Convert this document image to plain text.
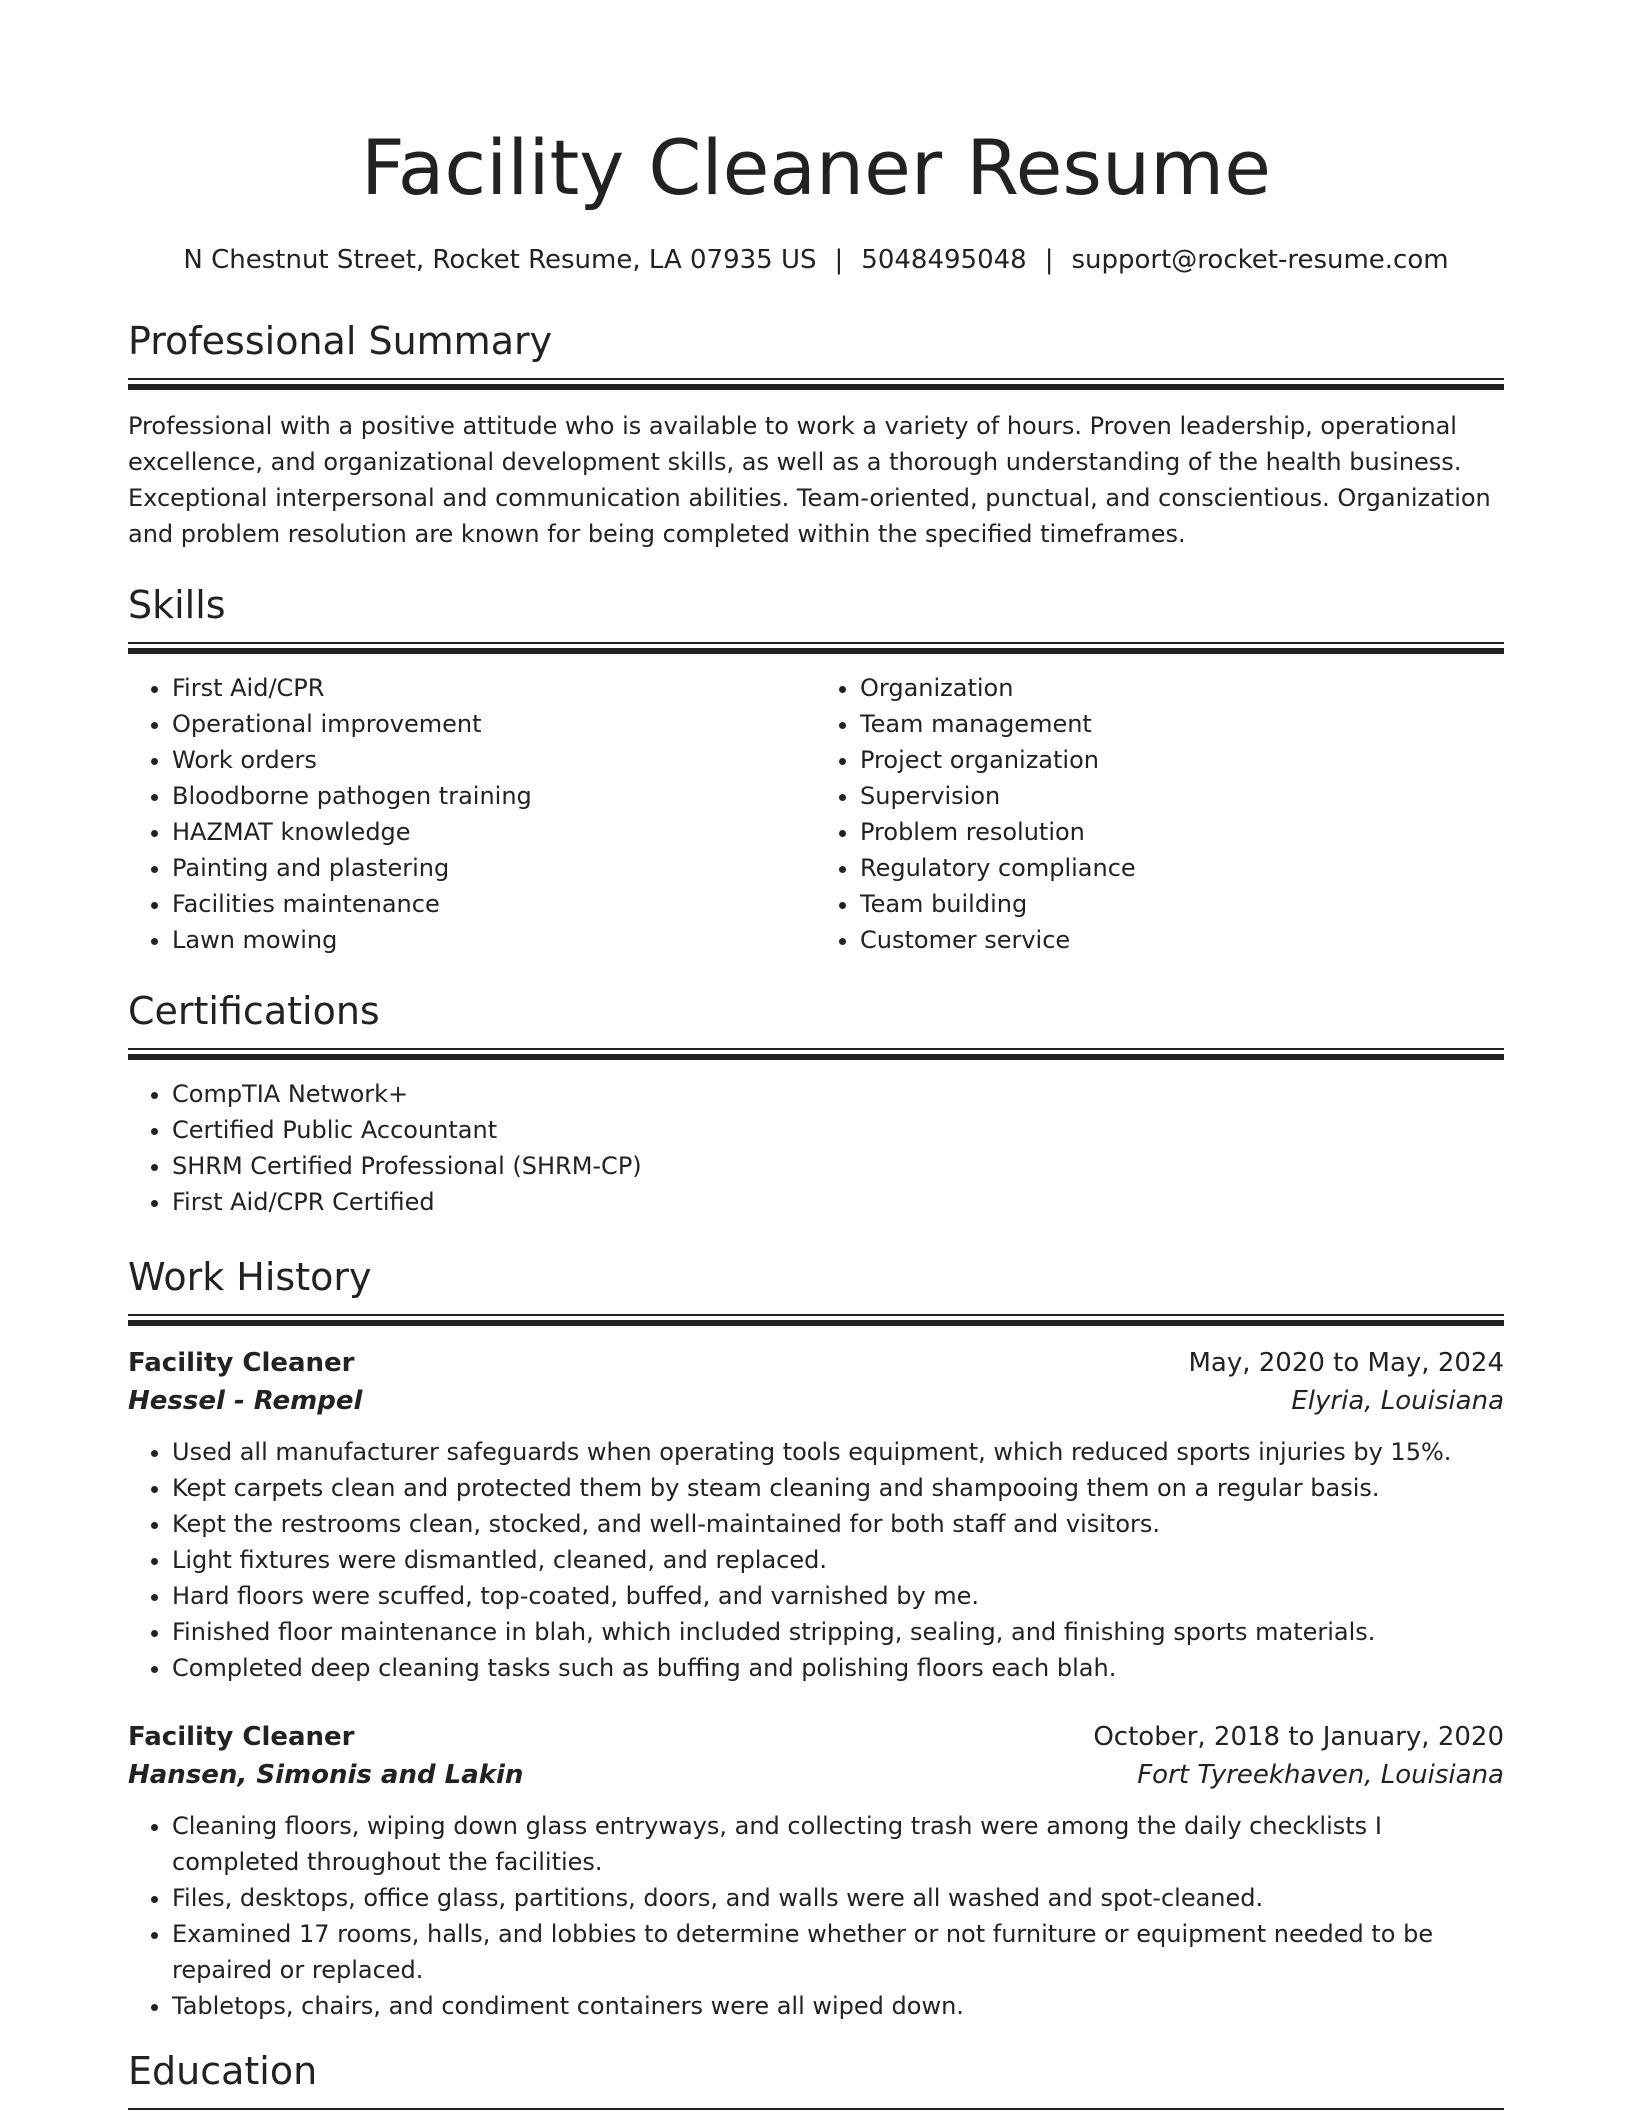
Facility Cleaner Resume
N Chestnut Street, Rocket Resume, LA 07935 US | 5048495048 | support@rocket-resume.com
Professional Summary

Professional with a positive attitude who is available to work a variety of hours. Proven leadership, operational excellence, and organizational development skills, as well as a thorough understanding of the health business. Exceptional interpersonal and communication abilities. Team-oriented, punctual, and conscientious. Organization and problem resolution are known for being completed within the specified timeframes.

Skills
• First Aid/CPR
• Operational improvement
• Work orders
• Bloodborne pathogen training
• HAZMAT knowledge
• Painting and plastering
• Facilities maintenance
• Lawn mowing
• Organization
• Team management
• Project organization
• Supervision
• Problem resolution
• Regulatory compliance
• Team building
• Customer service
Certifications
• CompTIA Network+
• Certified Public Accountant
• SHRM Certified Professional (SHRM-CP)
• First Aid/CPR Certified
Work History
Facility Cleaner	May, 2020 to May, 2024
Hessel - Rempel	Elyria, Louisiana
• Used all manufacturer safeguards when operating tools equipment, which reduced sports injuries by 15%.
• Kept carpets clean and protected them by steam cleaning and shampooing them on a regular basis.
• Kept the restrooms clean, stocked, and well-maintained for both staff and visitors.
• Light fixtures were dismantled, cleaned, and replaced.
• Hard floors were scuffed, top-coated, buffed, and varnished by me.
• Finished floor maintenance in blah, which included stripping, sealing, and finishing sports materials.
• Completed deep cleaning tasks such as buffing and polishing floors each blah.
Facility Cleaner	October, 2018 to January, 2020
Hansen, Simonis and Lakin	Fort Tyreekhaven, Louisiana
• Cleaning floors, wiping down glass entryways, and collecting trash were among the daily checklists I completed throughout the facilities.
• Files, desktops, office glass, partitions, doors, and walls were all washed and spot-cleaned.
• Examined 17 rooms, halls, and lobbies to determine whether or not furniture or equipment needed to be repaired or replaced.
• Tabletops, chairs, and condiment containers were all wiped down.
Education
